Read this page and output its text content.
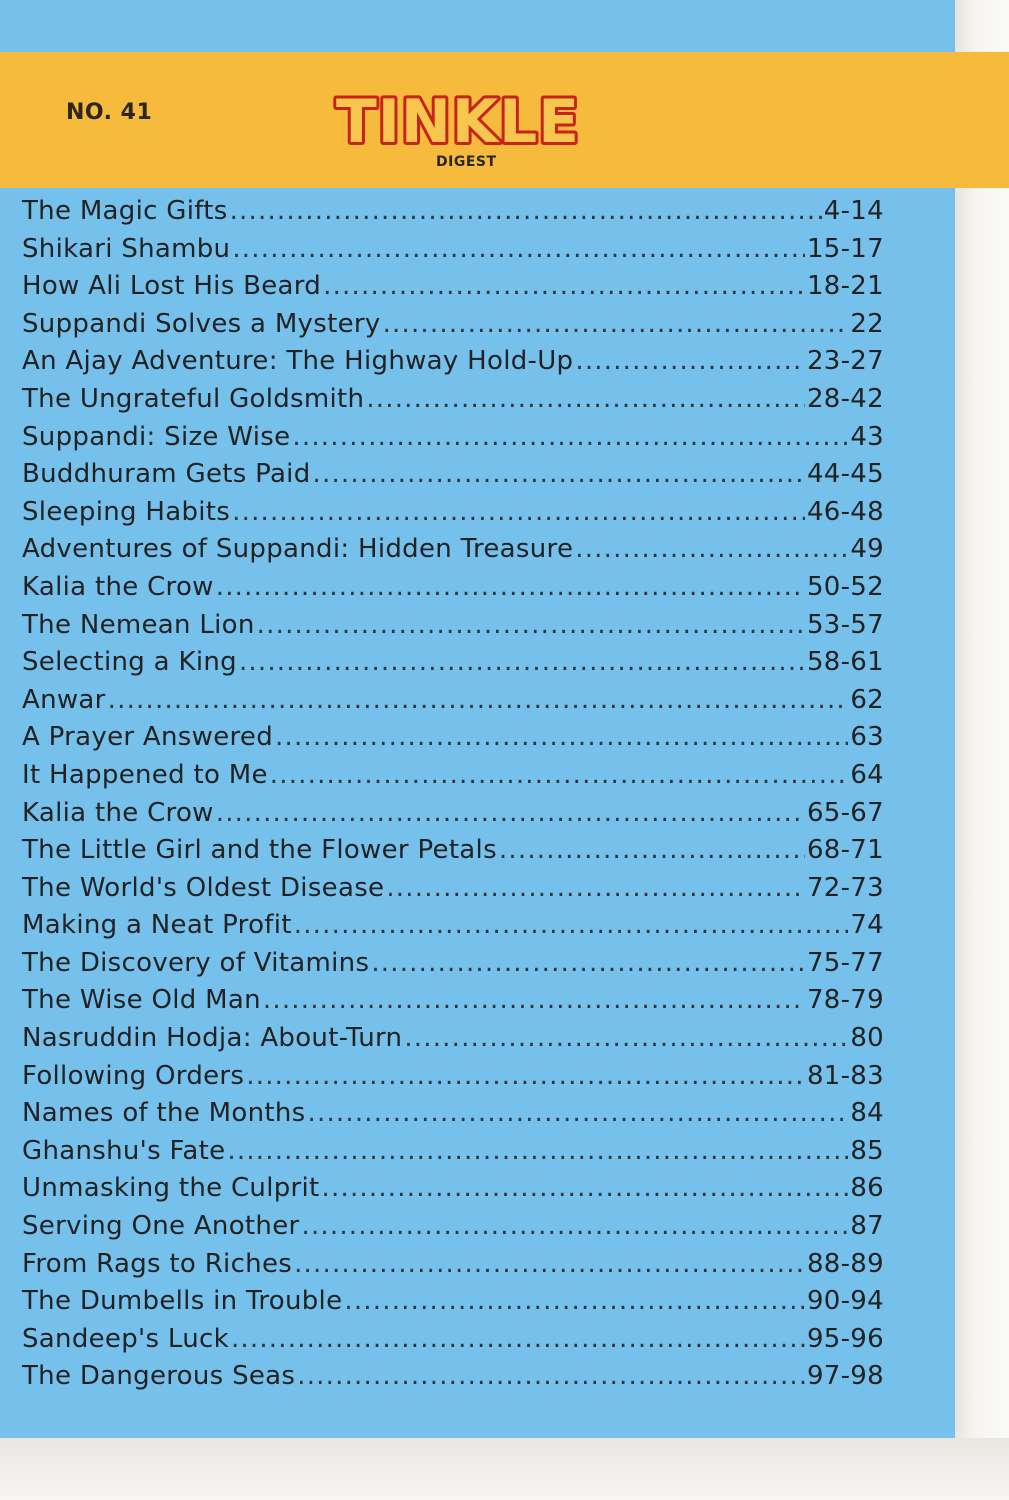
NO. 41	TINKLE
DIGEST
The Magic Gifts .....	4-14
Shikari Shambu .....	15-17
How Ali Lost His Beard .....	18-21
Suppandi Solves a Mystery .....	22
An Ajay Adventure: The Highway Hold-Up .....	23-27
The Ungrateful Goldsmith .....	28-42
Suppandi: Size Wise .....	43
Buddhuram Gets Paid .....	44-45
Sleeping Habits .....	46-48
Adventures of Suppandi: Hidden Treasure .....	49
Kalia the Crow .....	50-52
The Nemean Lion .....	53-57
Selecting a King .....	58-61
Anwar .....	62
A Prayer Answered .....	63
It Happened to Me .....	64
Kalia the Crow .....	65-67
The Little Girl and the Flower Petals .....	68-71
The World's Oldest Disease .....	72-73
Making a Neat Profit .....	74
The Discovery of Vitamins .....	75-77
The Wise Old Man .....	78-79
Nasruddin Hodja: About-Turn .....	80
Following Orders .....	81-83
Names of the Months .....	84
Ghanshu's Fate .....	85
Unmasking the Culprit .....	86
Serving One Another .....	87
From Rags to Riches .....	88-89
The Dumbells in Trouble .....	90-94
Sandeep's Luck .....	95-96
The Dangerous Seas .....	97-98
